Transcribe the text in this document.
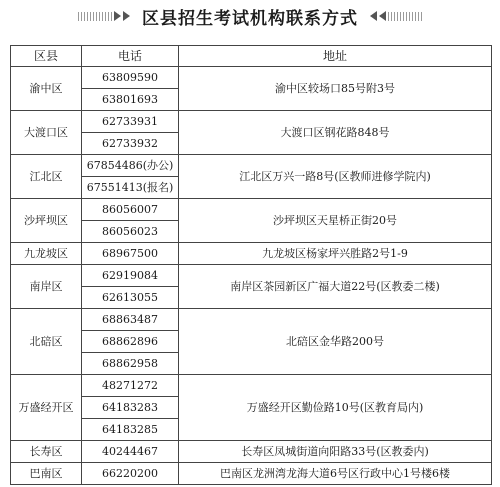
区县招生考试机构联系方式
区县	电话	地址
渝中区	63809590	渝中区较场口85号附3号
	63801693	
大渡口区	62733931	大渡口区钢花路848号
	62733932	
江北区	67854486(办公)	江北区万兴一路8号(区教师进修学院内)
	67551413(报名)	
沙坪坝区	86056007	沙坪坝区天星桥正街20号
	86056023	
九龙坡区	68967500	九龙坡区杨家坪兴胜路2号1-9
南岸区	62919084	南岸区茶园新区广福大道22号(区教委二楼)
	62613055	
北碚区	68863487	北碚区金华路200号
	68862896	
	68862958	
万盛经开区	48271272	万盛经开区勤俭路10号(区教育局内)
	64183283	
	64183285	
长寿区	40244467	长寿区凤城街道向阳路33号(区教委内)
巴南区	66220200	巴南区龙洲湾龙海大道6号区行政中心1号楼6楼
